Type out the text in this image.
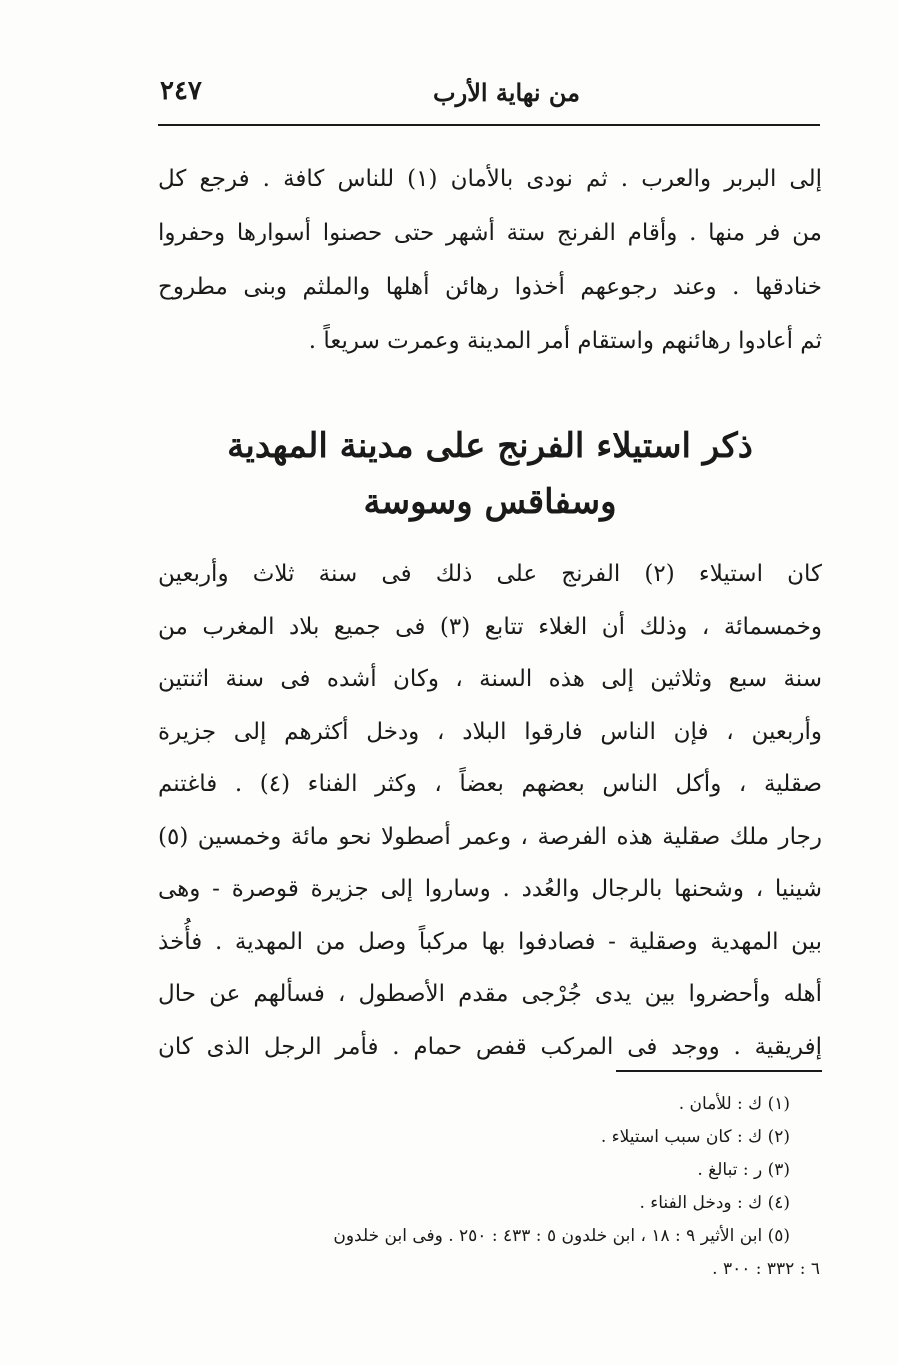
من نهاية الأرب
٢٤٧
إلى البربر والعرب . ثم نودى بالأمان (١) للناس كافة . فرجع كل
من فر منها . وأقام الفرنج ستة أشهر حتى حصنوا أسوارها وحفروا
خنادقها . وعند رجوعهم أخذوا رهائن أهلها والملثم وبنى مطروح
ثم أعادوا رهائنهم واستقام أمر المدينة وعمرت سريعاً .
ذكر استيلاء الفرنج على مدينة المهدية
وسفاقس وسوسة
كان استيلاء (٢) الفرنج على ذلك فى سنة ثلاث وأربعين
وخمسمائة ، وذلك أن الغلاء تتابع (٣) فى جميع بلاد المغرب من
سنة سبع وثلاثين إلى هذه السنة ، وكان أشده فى سنة اثنتين
وأربعين ، فإن الناس فارقوا البلاد ، ودخل أكثرهم إلى جزيرة
صقلية ، وأكل الناس بعضهم بعضاً ، وكثر الفناء (٤) . فاغتنم
رجار ملك صقلية هذه الفرصة ، وعمر أصطولا نحو مائة وخمسين (٥)
شينيا ، وشحنها بالرجال والعُدد . وساروا إلى جزيرة قوصرة - وهى
بين المهدية وصقلية - فصادفوا بها مركباً وصل من المهدية . فأُخذ
أهله وأحضروا بين يدى جُرْجى مقدم الأصطول ، فسألهم عن حال
إفريقية . ووجد فى المركب قفص حمام . فأمر الرجل الذى كان
(١) ك : للأمان .
(٢) ك : كان سبب استيلاء .
(٣) ر : تبالغ .
(٤) ك : ودخل الفناء .
(٥) ابن الأثير ٩ : ١٨ ، ابن خلدون ٥ : ٤٣٣ : ٢٥٠ . وفى ابن خلدون
٦ : ٣٣٢ : ٣٠٠ .
